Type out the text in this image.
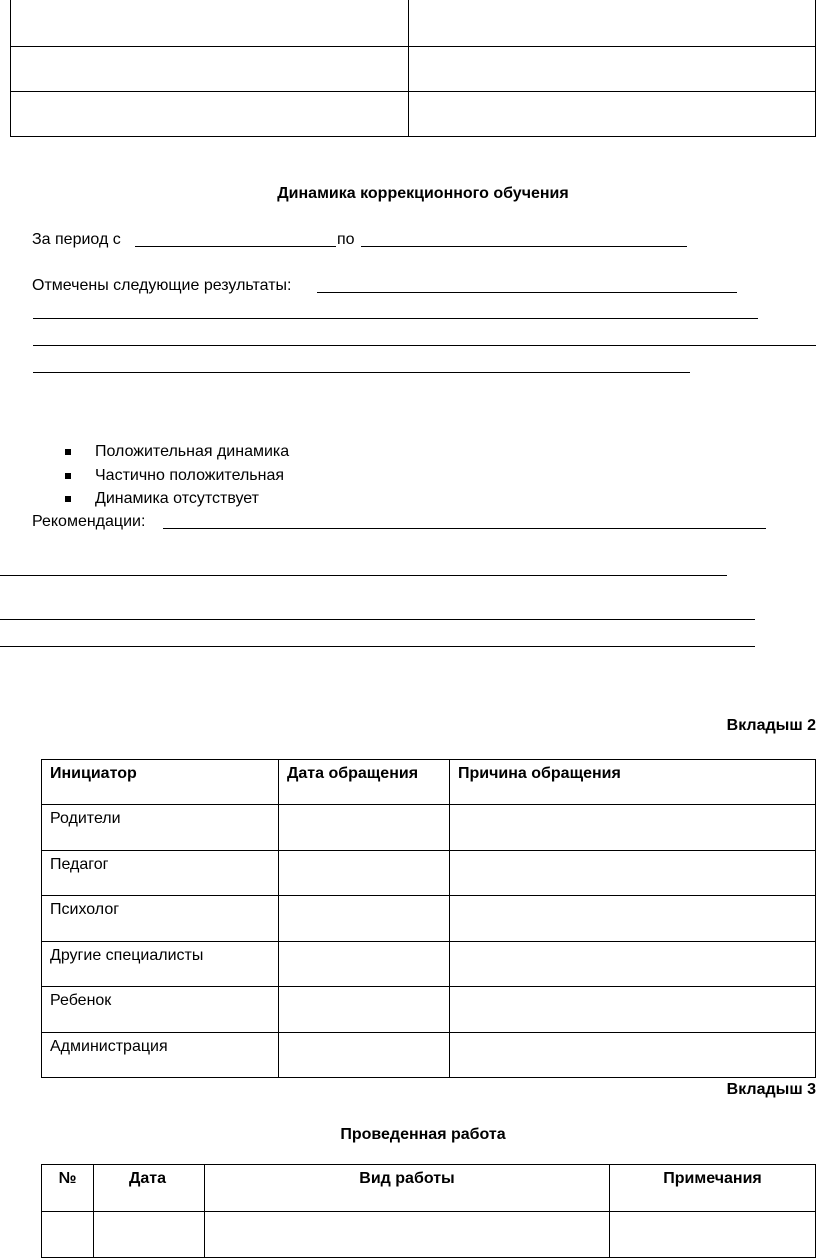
Динамика коррекционного обучения
За период с	по
Отмечены следующие результаты:
Положительная динамика
Частично положительная
Динамика отсутствует
Рекомендации:
Вкладыш 2
Инициатор	Дата обращения	Причина обращения

Родители		

Педагог		

Психолог		

Другие специалисты		

Ребенок		

Администрация		

Вкладыш 3
Проведенная работа
№	Дата	Вид работы	Примечания
